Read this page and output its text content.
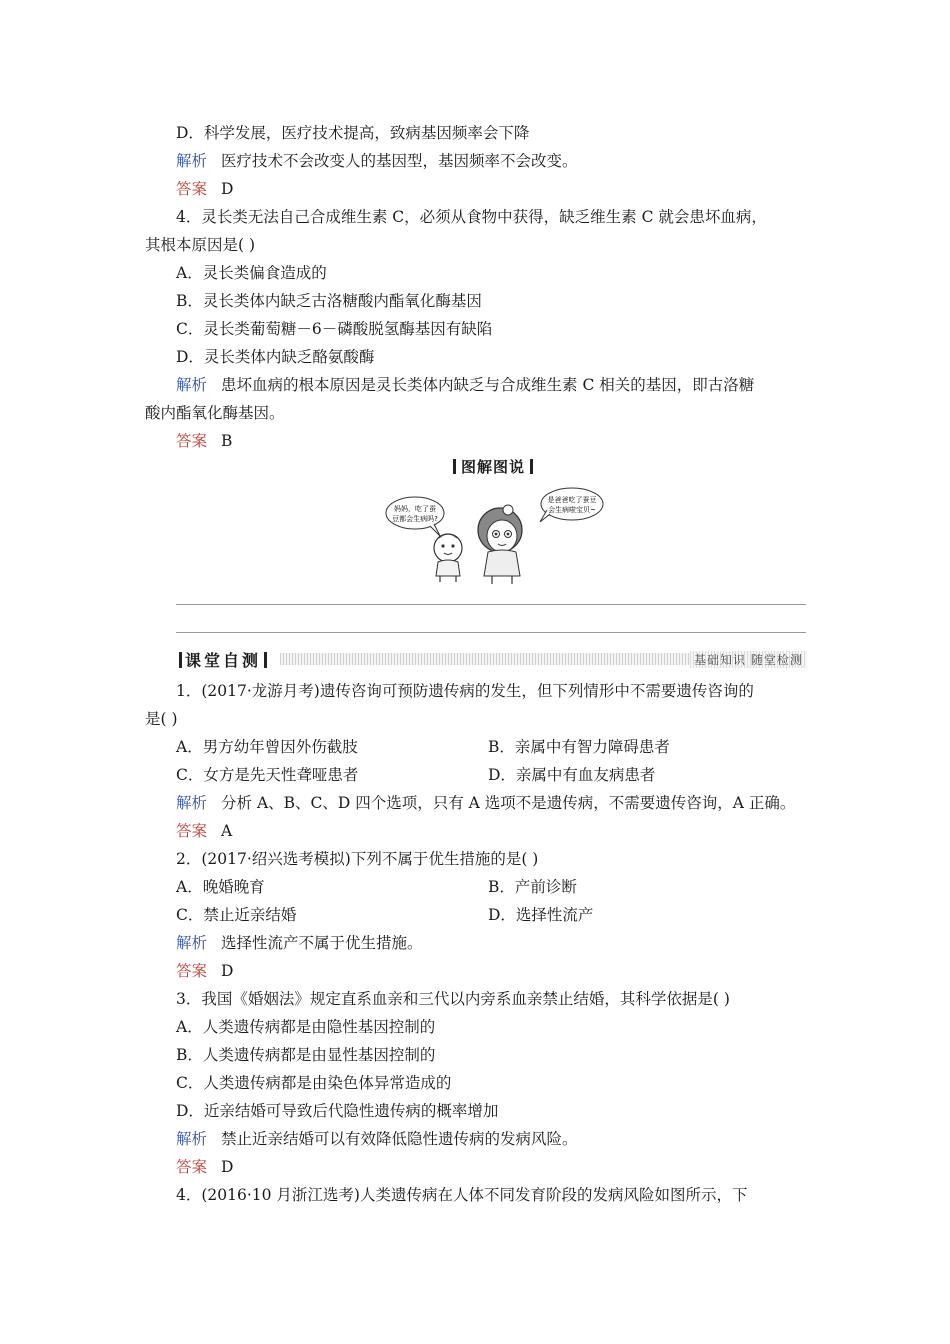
D．科学发展，医疗技术提高，致病基因频率会下降
解析 医疗技术不会改变人的基因型，基因频率不会改变。
答案 D
4．灵长类无法自己合成维生素 C，必须从食物中获得，缺乏维生素 C 就会患坏血病，
其根本原因是( )
A．灵长类偏食造成的
B．灵长类体内缺乏古洛糖酸内酯氧化酶基因
C．灵长类葡萄糖－6－磷酸脱氢酶基因有缺陷
D．灵长类体内缺乏酪氨酸酶
解析 患坏血病的根本原因是灵长类体内缺乏与合成维生素 C 相关的基因，即古洛糖
酸内酯氧化酶基因。
答案 B
图解图说
妈妈，吃了蚕
豆都会生病吗?
是爸爸吃了蚕豆
会生病啦宝贝~
课堂自测	基础知识 随堂检测
1．(2017·龙游月考)遗传咨询可预防遗传病的发生，但下列情形中不需要遗传咨询的
是( )
A．男方幼年曾因外伤截肢	B．亲属中有智力障碍患者
C．女方是先天性聋哑患者	D．亲属中有血友病患者
解析 分析 A、B、C、D 四个选项，只有 A 选项不是遗传病，不需要遗传咨询，A 正确。
答案 A
2．(2017·绍兴选考模拟)下列不属于优生措施的是( )
A．晚婚晚育	B．产前诊断
C．禁止近亲结婚	D．选择性流产
解析 选择性流产不属于优生措施。
答案 D
3．我国《婚姻法》规定直系血亲和三代以内旁系血亲禁止结婚，其科学依据是( )
A．人类遗传病都是由隐性基因控制的
B．人类遗传病都是由显性基因控制的
C．人类遗传病都是由染色体异常造成的
D．近亲结婚可导致后代隐性遗传病的概率增加
解析 禁止近亲结婚可以有效降低隐性遗传病的发病风险。
答案 D
4．(2016·10 月浙江选考)人类遗传病在人体不同发育阶段的发病风险如图所示，下
